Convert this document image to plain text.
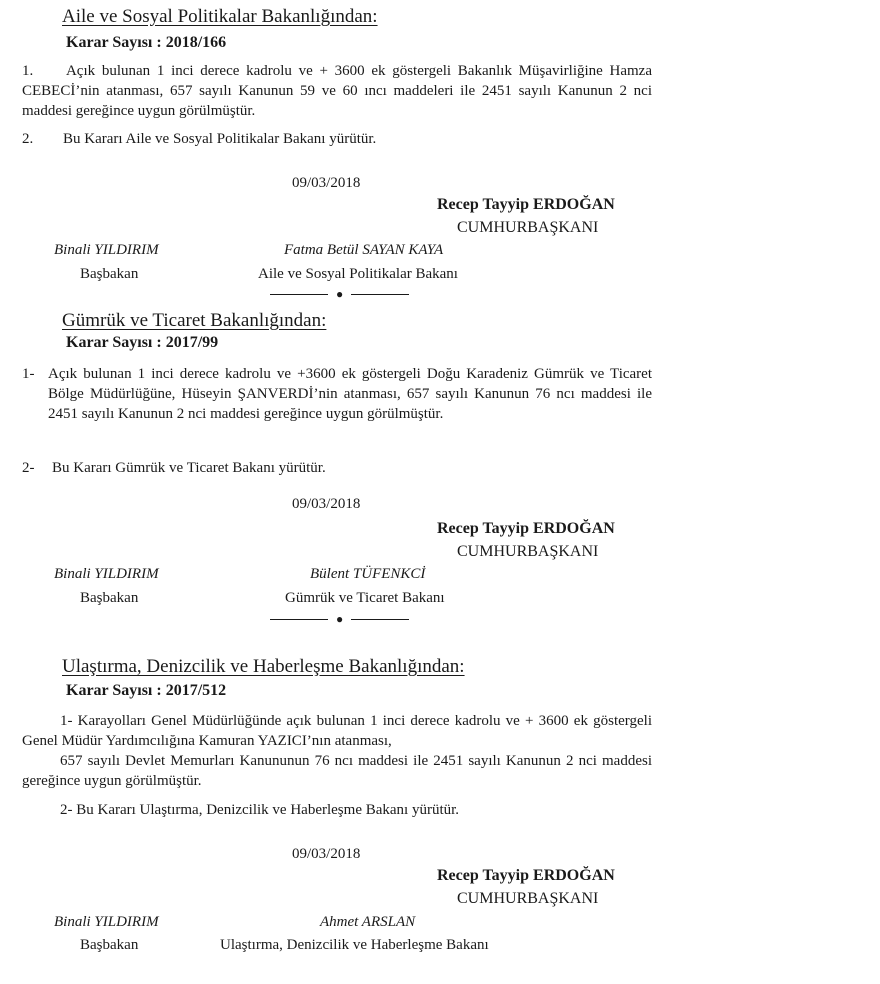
Aile ve Sosyal Politikalar Bakanlığından:
Karar Sayısı : 2018/166
1. Açık bulunan 1 inci derece kadrolu ve + 3600 ek göstergeli Bakanlık Müşavirliğine Hamza CEBECİ’nin atanması, 657 sayılı Kanunun 59 ve 60 ıncı maddeleri ile 2451 sayılı Kanunun 2 nci maddesi gereğince uygun görülmüştür.
2. Bu Kararı Aile ve Sosyal Politikalar Bakanı yürütür.
09/03/2018
Recep Tayyip ERDOĞAN
CUMHURBAŞKANI
Binali YILDIRIM
Başbakan
Fatma Betül SAYAN KAYA
Aile ve Sosyal Politikalar Bakanı
●
Gümrük ve Ticaret Bakanlığından:
Karar Sayısı : 2017/99
1- Açık bulunan 1 inci derece kadrolu ve +3600 ek göstergeli Doğu Karadeniz Gümrük ve Ticaret Bölge Müdürlüğüne, Hüseyin ŞANVERDİ’nin atanması, 657 sayılı Kanunun 76 ncı maddesi ile 2451 sayılı Kanunun 2 nci maddesi gereğince uygun görülmüştür.
2-	Bu Kararı Gümrük ve Ticaret Bakanı yürütür.
09/03/2018
Recep Tayyip ERDOĞAN
CUMHURBAŞKANI
Binali YILDIRIM
Başbakan
Bülent TÜFENKCİ
Gümrük ve Ticaret Bakanı
●
Ulaştırma, Denizcilik ve Haberleşme Bakanlığından:
Karar Sayısı : 2017/512
1- Karayolları Genel Müdürlüğünde açık bulunan 1 inci derece kadrolu ve + 3600 ek göstergeli Genel Müdür Yardımcılığına Kamuran YAZICI’nın atanması,
657 sayılı Devlet Memurları Kanununun 76 ncı maddesi ile 2451 sayılı Kanunun 2 nci maddesi gereğince uygun görülmüştür.
2- Bu Kararı Ulaştırma, Denizcilik ve Haberleşme Bakanı yürütür.
09/03/2018
Recep Tayyip ERDOĞAN
CUMHURBAŞKANI
Binali YILDIRIM
Başbakan
Ahmet ARSLAN
Ulaştırma, Denizcilik ve Haberleşme Bakanı
